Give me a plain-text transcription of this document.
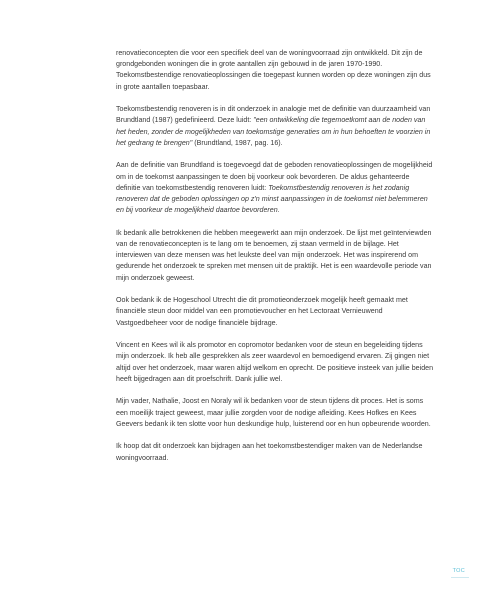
renovatieconcepten die voor een specifiek deel van de woningvoorraad zijn ontwikkeld. Dit zijn de grondgebonden woningen die in grote aantallen zijn gebouwd in de jaren 1970-1990. Toekomstbestendige renovatieoplossingen die toegepast kunnen worden op deze woningen zijn dus in grote aantallen toepasbaar.

Toekomstbestendig renoveren is in dit onderzoek in analogie met de definitie van duurzaamheid van Brundtland (1987) gedefinieerd. Deze luidt: "een ontwikkeling die tegemoetkomt aan de noden van het heden, zonder de mogelijkheden van toekomstige generaties om in hun behoeften te voorzien in het gedrang te brengen" (Brundtland, 1987, pag. 16).

Aan de definitie van Brundtland is toegevoegd dat de geboden renovatieoplossingen de mogelijkheid om in de toekomst aanpassingen te doen bij voorkeur ook bevorderen. De aldus gehanteerde definitie van toekomstbestendig renoveren luidt: Toekomstbestendig renoveren is het zodanig renoveren dat de geboden oplossingen op z'n minst aanpassingen in de toekomst niet belemmeren en bij voorkeur de mogelijkheid daartoe bevorderen.

Ik bedank alle betrokkenen die hebben meegewerkt aan mijn onderzoek. De lijst met geïnterviewden van de renovatieconcepten is te lang om te benoemen, zij staan vermeld in de bijlage. Het interviewen van deze mensen was het leukste deel van mijn onderzoek. Het was inspirerend om gedurende het onderzoek te spreken met mensen uit de praktijk. Het is een waardevolle periode van mijn onderzoek geweest.

Ook bedank ik de Hogeschool Utrecht die dit promotieonderzoek mogelijk heeft gemaakt met financiële steun door middel van een promotievoucher en het Lectoraat Vernieuwend Vastgoedbeheer voor de nodige financiële bijdrage.

Vincent en Kees wil ik als promotor en copromotor bedanken voor de steun en begeleiding tijdens mijn onderzoek. Ik heb alle gesprekken als zeer waardevol en bemoedigend ervaren. Zij gingen niet altijd over het onderzoek, maar waren altijd welkom en oprecht. De positieve insteek van jullie beiden heeft bijgedragen aan dit proefschrift. Dank jullie wel.

Mijn vader, Nathalie, Joost en Noraly wil ik bedanken voor de steun tijdens dit proces. Het is soms een moeilijk traject geweest, maar jullie zorgden voor de nodige afleiding. Kees Hofkes en Kees Geevers bedank ik ten slotte voor hun deskundige hulp, luisterend oor en hun opbeurende woorden.

Ik hoop dat dit onderzoek kan bijdragen aan het toekomstbestendiger maken van de Nederlandse woningvoorraad.

TOC
